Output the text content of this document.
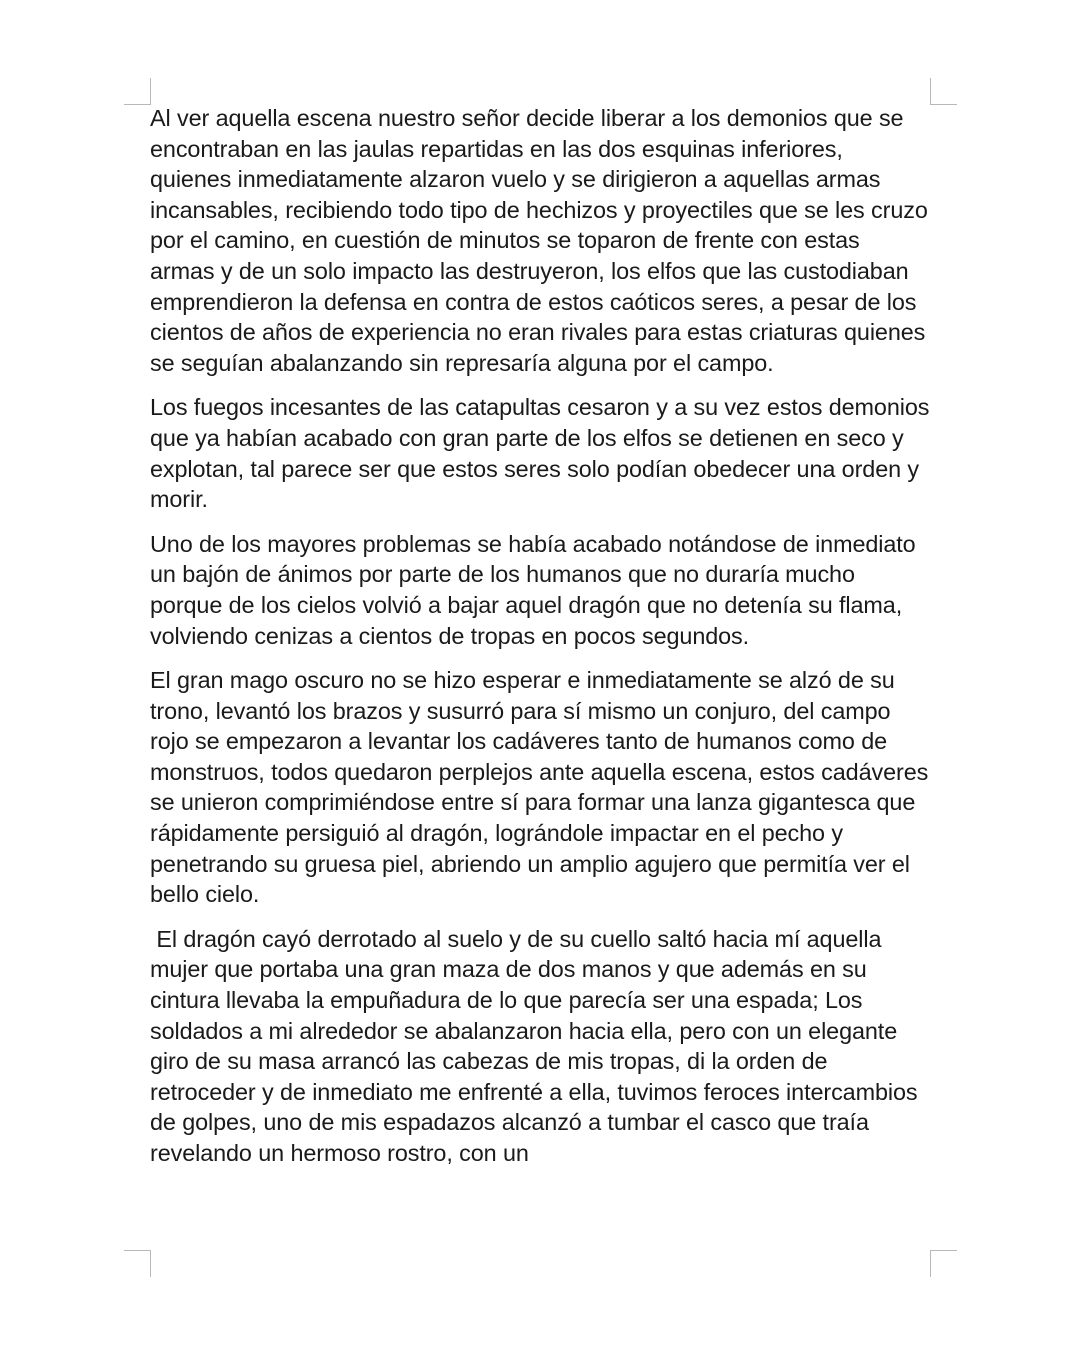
Al ver aquella escena nuestro señor decide liberar a los demonios que se encontraban en las jaulas repartidas en las dos esquinas inferiores, quienes inmediatamente alzaron vuelo y se dirigieron a aquellas armas incansables, recibiendo todo tipo de hechizos y proyectiles que se les cruzo por el camino, en cuestión de minutos se toparon de frente con estas armas y de un solo impacto las destruyeron, los elfos que las custodiaban emprendieron la defensa en contra de estos caóticos seres, a pesar de los cientos de años de experiencia no eran rivales para estas criaturas quienes se seguían abalanzando sin represaría alguna por el campo.

Los fuegos incesantes de las catapultas cesaron y a su vez estos demonios que ya habían acabado con gran parte de los elfos se detienen en seco y explotan, tal parece ser que estos seres solo podían obedecer una orden y morir.

Uno de los mayores problemas se había acabado notándose de inmediato un bajón de ánimos por parte de los humanos que no duraría mucho porque de los cielos volvió a bajar aquel dragón que no detenía su flama, volviendo cenizas a cientos de tropas en pocos segundos.

El gran mago oscuro no se hizo esperar e inmediatamente se alzó de su trono, levantó los brazos y susurró para sí mismo un conjuro, del campo rojo se empezaron a levantar los cadáveres tanto de humanos como de monstruos, todos quedaron perplejos ante aquella escena, estos cadáveres se unieron comprimiéndose entre sí para formar una lanza gigantesca que rápidamente persiguió al dragón, lográndole impactar en el pecho y penetrando su gruesa piel, abriendo un amplio agujero que permitía ver el bello cielo.

El dragón cayó derrotado al suelo y de su cuello saltó hacia mí aquella mujer que portaba una gran maza de dos manos y que además en su cintura llevaba la empuñadura de lo que parecía ser una espada; Los soldados a mi alrededor se abalanzaron hacia ella, pero con un elegante giro de su masa arrancó las cabezas de mis tropas, di la orden de retroceder y de inmediato me enfrenté a ella, tuvimos feroces intercambios de golpes, uno de mis espadazos alcanzó a tumbar el casco que traía revelando un hermoso rostro, con un
